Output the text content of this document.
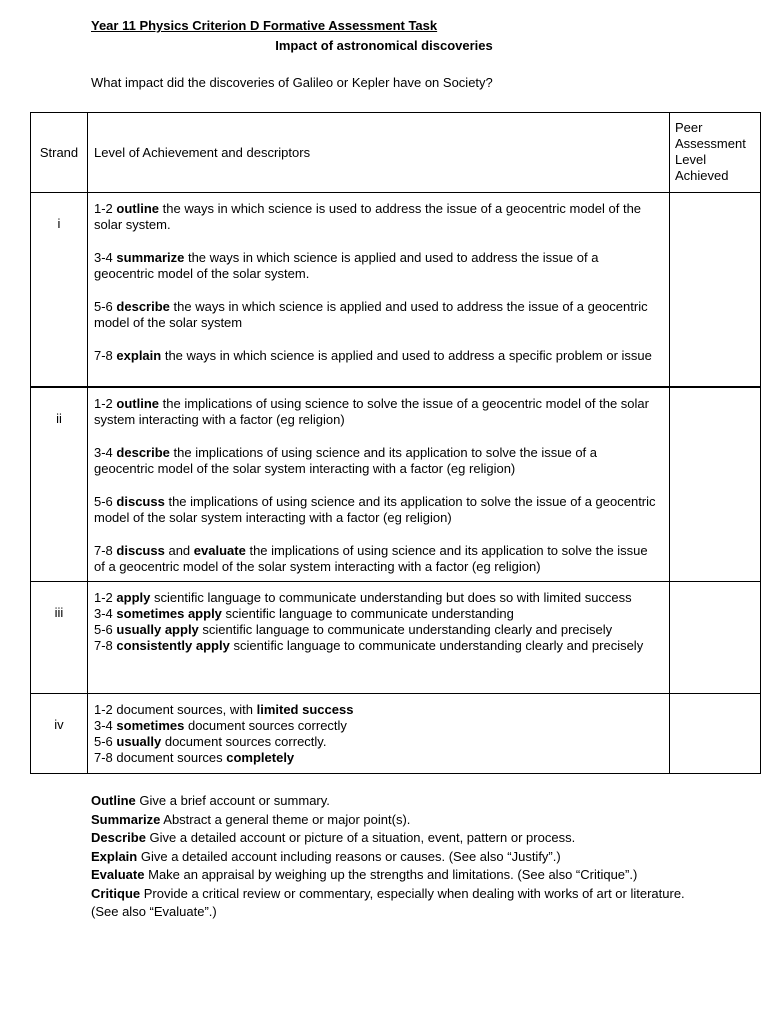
Year 11 Physics Criterion D Formative Assessment Task
Impact of astronomical discoveries
What impact did the discoveries of Galileo or Kepler have on Society?
Strand	Level of Achievement and descriptors	Peer Assessment Level Achieved
i	1-2 outline the ways in which science is used to address the issue of a geocentric model of the solar system.

3-4 summarize the ways in which science is applied and used to address the issue of a geocentric model of the solar system.

5-6 describe the ways in which science is applied and used to address the issue of a geocentric model of the solar system

7-8 explain the ways in which science is applied and used to address a specific problem or issue	

ii	1-2 outline the implications of using science to solve the issue of a geocentric model of the solar system interacting with a factor (eg religion)

3-4 describe the implications of using science and its application to solve the issue of a geocentric model of the solar system interacting with a factor (eg religion)

5-6 discuss the implications of using science and its application to solve the issue of a geocentric model of the solar system interacting with a factor (eg religion)

7-8 discuss and evaluate the implications of using science and its application to solve the issue of a geocentric model of the solar system interacting with a factor (eg religion)	

iii	1-2 apply scientific language to communicate understanding but does so with limited success

3-4 sometimes apply scientific language to communicate understanding

5-6 usually apply scientific language to communicate understanding clearly and precisely

7-8 consistently apply scientific language to communicate understanding clearly and precisely	

iv	1-2 document sources, with limited success

3-4 sometimes document sources correctly

5-6 usually document sources correctly.

7-8 document sources completely	

Outline Give a brief account or summary.
Summarize Abstract a general theme or major point(s).
Describe Give a detailed account or picture of a situation, event, pattern or process.
Explain Give a detailed account including reasons or causes. (See also “Justify”.)
Evaluate Make an appraisal by weighing up the strengths and limitations. (See also “Critique”.)
Critique Provide a critical review or commentary, especially when dealing with works of art or literature. (See also “Evaluate”.)
